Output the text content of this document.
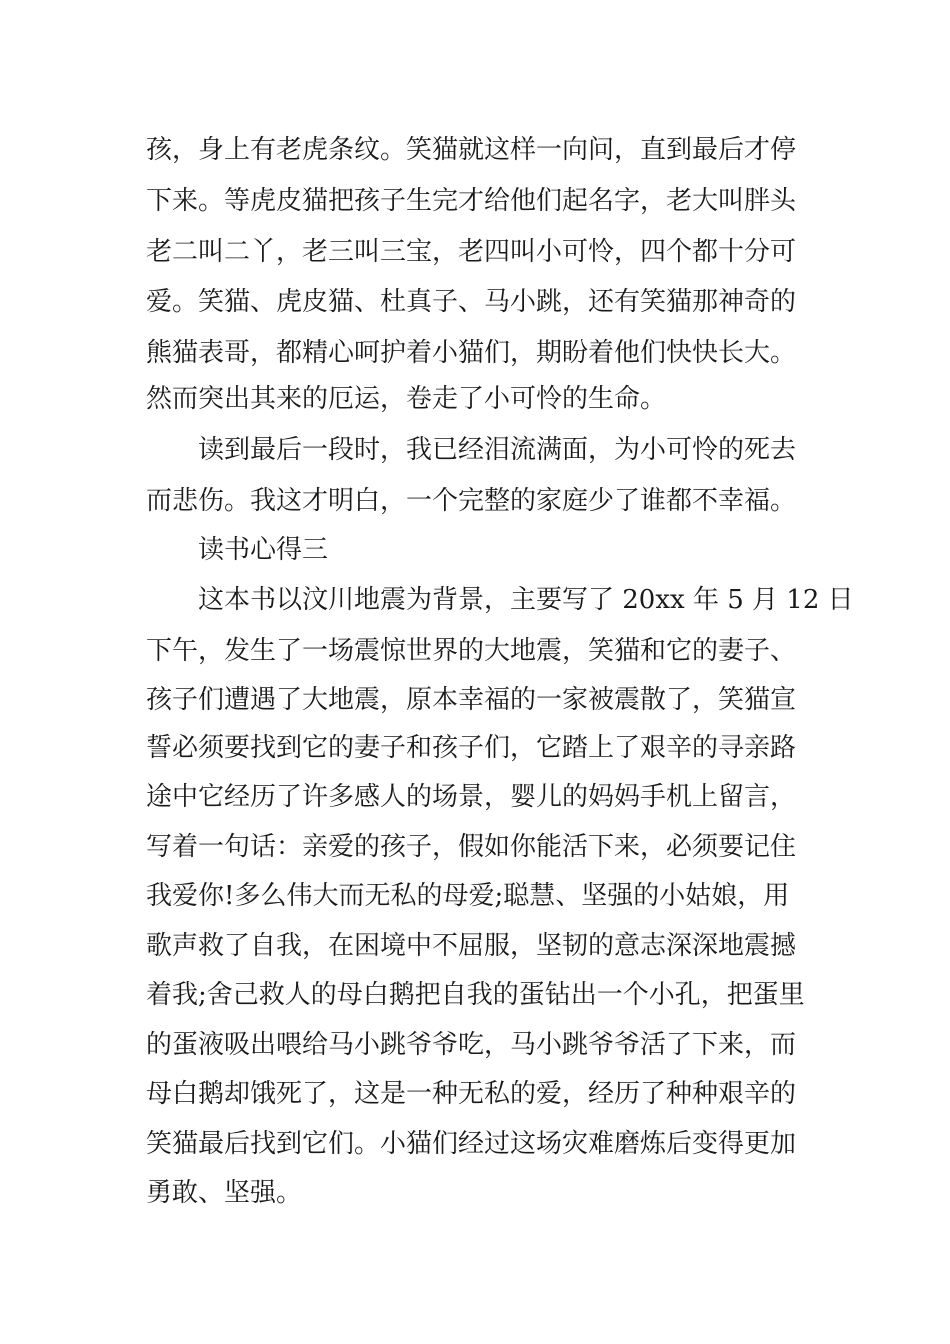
孩，身上有老虎条纹。笑猫就这样一向问，直到最后才停
下来。等虎皮猫把孩子生完才给他们起名字，老大叫胖头
老二叫二丫，老三叫三宝，老四叫小可怜，四个都十分可
爱。笑猫、虎皮猫、杜真子、马小跳，还有笑猫那神奇的
熊猫表哥，都精心呵护着小猫们，期盼着他们快快长大。
然而突出其来的厄运，卷走了小可怜的生命。
读到最后一段时，我已经泪流满面，为小可怜的死去
而悲伤。我这才明白，一个完整的家庭少了谁都不幸福。
读书心得三
这本书以汶川地震为背景，主要写了 20xx 年 5 月 12 日
下午，发生了一场震惊世界的大地震，笑猫和它的妻子、
孩子们遭遇了大地震，原本幸福的一家被震散了，笑猫宣
誓必须要找到它的妻子和孩子们，它踏上了艰辛的寻亲路
途中它经历了许多感人的场景，婴儿的妈妈手机上留言，
写着一句话：亲爱的孩子，假如你能活下来，必须要记住
我爱你!多么伟大而无私的母爱;聪慧、坚强的小姑娘，用
歌声救了自我，在困境中不屈服，坚韧的意志深深地震撼
着我;舍己救人的母白鹅把自我的蛋钻出一个小孔，把蛋里
的蛋液吸出喂给马小跳爷爷吃，马小跳爷爷活了下来，而
母白鹅却饿死了，这是一种无私的爱，经历了种种艰辛的
笑猫最后找到它们。小猫们经过这场灾难磨炼后变得更加
勇敢、坚强。
